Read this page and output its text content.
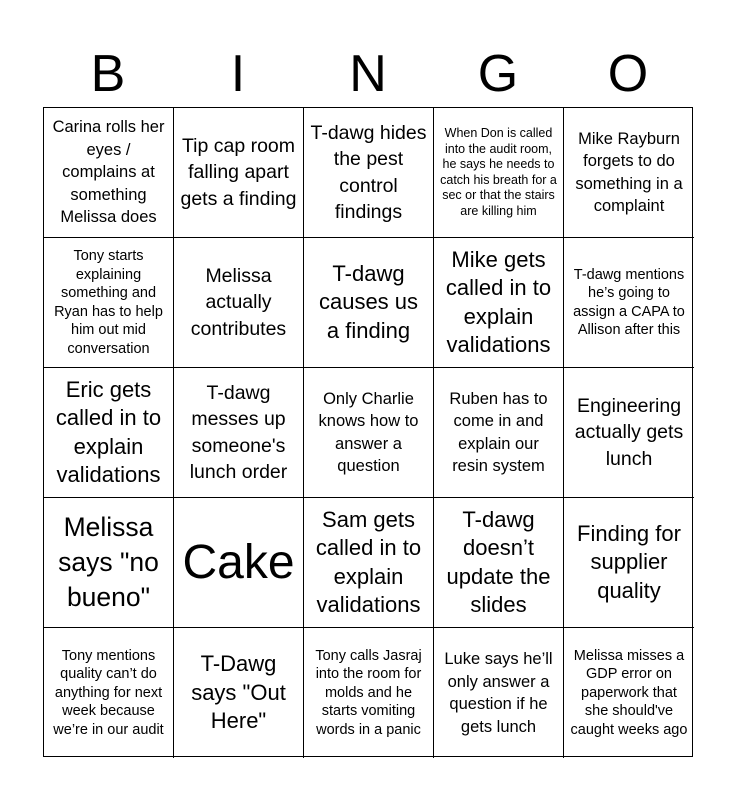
B	I	N	G	O
Carina rolls her eyes / complains at something Melissa does
Tip cap room falling apart gets a finding
T-dawg hides the pest control findings
When Don is called into the audit room, he says he needs to catch his breath for a sec or that the stairs are killing him
Mike Rayburn forgets to do something in a complaint
Tony starts explaining something and Ryan has to help him out mid conversation
Melissa actually contributes
T-dawg causes us a finding
Mike gets called in to explain validations
T-dawg mentions he’s going to assign a CAPA to Allison after this
Eric gets called in to explain validations
T-dawg messes up someone's lunch order
Only Charlie knows how to answer a question
Ruben has to come in and explain our resin system
Engineering actually gets lunch
Melissa says "no bueno"
Cake
Sam gets called in to explain validations
T-dawg doesn’t update the slides
Finding for supplier quality
Tony mentions quality can’t do anything for next week because we’re in our audit
T-Dawg says "Out Here"
Tony calls Jasraj into the room for molds and he starts vomiting words in a panic
Luke says he’ll only answer a question if he gets lunch
Melissa misses a GDP error on paperwork that she should've caught weeks ago
